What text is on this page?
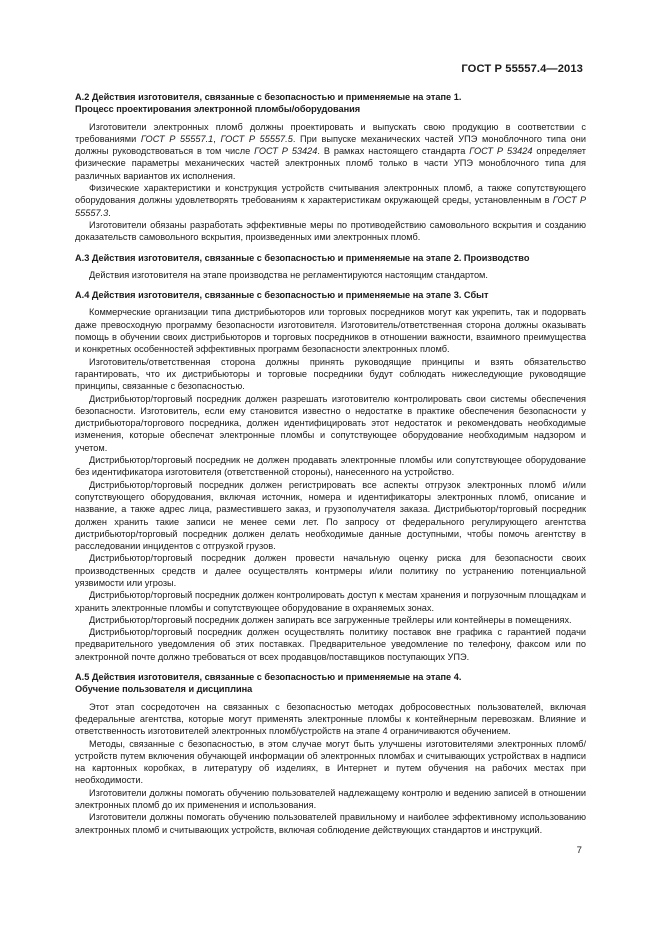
ГОСТ Р 55557.4—2013
А.2 Действия изготовителя, связанные с безопасностью и применяемые на этапе 1.
Процесс проектирования электронной пломбы/оборудования

Изготовители электронных пломб должны проектировать и выпускать свою продукцию в соответствии с требованиями ГОСТ Р 55557.1, ГОСТ Р 55557.5. При выпуске механических частей УПЭ моноблочного типа они должны руководствоваться в том числе ГОСТ Р 53424. В рамках настоящего стандарта ГОСТ Р 53424 определяет физические параметры механических частей электронных пломб только в части УПЭ моноблочного типа для различных вариантов их исполнения.

Физические характеристики и конструкция устройств считывания электронных пломб, а также сопутствующего оборудования должны удовлетворять требованиям к характеристикам окружающей среды, установленным в ГОСТ Р 55557.3.

Изготовители обязаны разработать эффективные меры по противодействию самовольного вскрытия и созданию доказательств самовольного вскрытия, произведенных ими электронных пломб.

А.3 Действия изготовителя, связанные с безопасностью и применяемые на этапе 2. Производство

Действия изготовителя на этапе производства не регламентируются настоящим стандартом.

А.4 Действия изготовителя, связанные с безопасностью и применяемые на этапе 3. Сбыт

Коммерческие организации типа дистрибьюторов или торговых посредников могут как укрепить, так и подорвать даже превосходную программу безопасности изготовителя. Изготовитель/ответственная сторона должны оказывать помощь в обучении своих дистрибьюторов и торговых посредников в отношении важности, взаимного преимущества и конкретных особенностей эффективных программ безопасности электронных пломб.

Изготовитель/ответственная сторона должны принять руководящие принципы и взять обязательство гарантировать, что их дистрибьюторы и торговые посредники будут соблюдать нижеследующие руководящие принципы, связанные с безопасностью.

Дистрибьютор/торговый посредник должен разрешать изготовителю контролировать свои системы обеспечения безопасности. Изготовитель, если ему становится известно о недостатке в практике обеспечения безопасности у дистрибьютора/торгового посредника, должен идентифицировать этот недостаток и рекомендовать необходимые изменения, которые обеспечат электронные пломбы и сопутствующее оборудование необходимым надзором и учетом.

Дистрибьютор/торговый посредник не должен продавать электронные пломбы или сопутствующее оборудование без идентификатора изготовителя (ответственной стороны), нанесенного на устройство.

Дистрибьютор/торговый посредник должен регистрировать все аспекты отгрузок электронных пломб и/или сопутствующего оборудования, включая источник, номера и идентификаторы электронных пломб, описание и название, а также адрес лица, разместившего заказ, и грузополучателя заказа. Дистрибьютор/торговый посредник должен хранить такие записи не менее семи лет. По запросу от федерального регулирующего агентства дистрибьютор/торговый посредник должен делать необходимые данные доступными, чтобы помочь агентству в расследовании инцидентов с отгрузкой грузов.

Дистрибьютор/торговый посредник должен провести начальную оценку риска для безопасности своих производственных средств и далее осуществлять контрмеры и/или политику по устранению потенциальной уязвимости или угрозы.

Дистрибьютор/торговый посредник должен контролировать доступ к местам хранения и погрузочным площадкам и хранить электронные пломбы и сопутствующее оборудование в охраняемых зонах.

Дистрибьютор/торговый посредник должен запирать все загруженные трейлеры или контейнеры в помещениях.

Дистрибьютор/торговый посредник должен осуществлять политику поставок вне графика с гарантией подачи предварительного уведомления об этих поставках. Предварительное уведомление по телефону, факсом или по электронной почте должно требоваться от всех продавцов/поставщиков поступающих УПЭ.

А.5 Действия изготовителя, связанные с безопасностью и применяемые на этапе 4.
Обучение пользователя и дисциплина

Этот этап сосредоточен на связанных с безопасностью методах добросовестных пользователей, включая федеральные агентства, которые могут применять электронные пломбы к контейнерным перевозкам. Влияние и ответственность изготовителей электронных пломб/устройств на этапе 4 ограничиваются обучением.

Методы, связанные с безопасностью, в этом случае могут быть улучшены изготовителями электронных пломб/устройств путем включения обучающей информации об электронных пломбах и считывающих устройствах в надписи на картонных коробках, в литературу об изделиях, в Интернет и путем обучения на рабочих местах при необходимости.

Изготовители должны помогать обучению пользователей надлежащему контролю и ведению записей в отношении электронных пломб до их применения и использования.

Изготовители должны помогать обучению пользователей правильному и наиболее эффективному использованию электронных пломб и считывающих устройств, включая соблюдение действующих стандартов и инструкций.

7
